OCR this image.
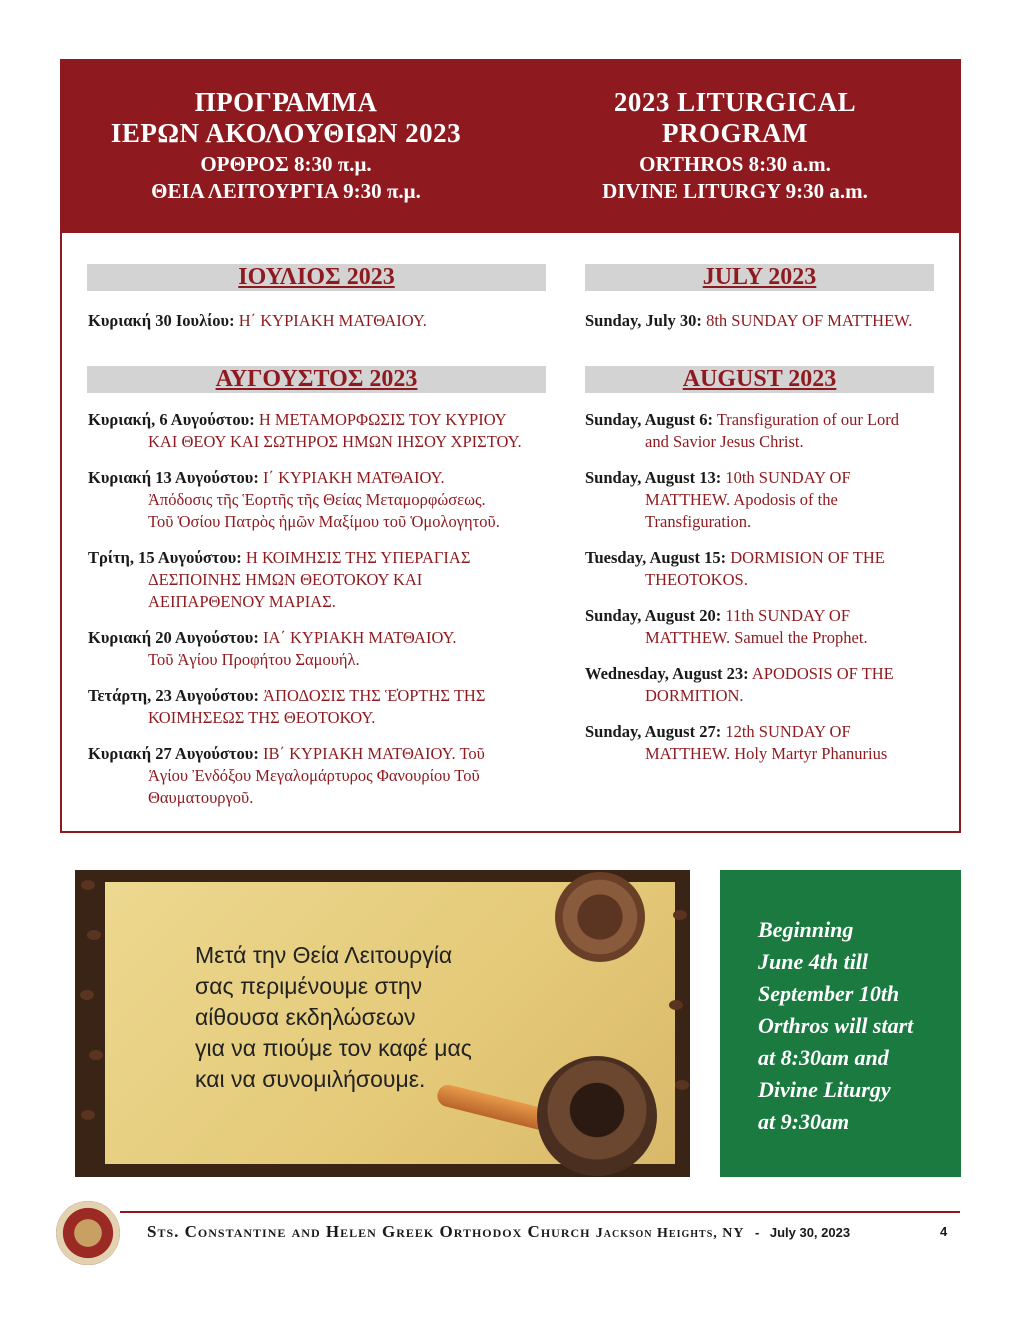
ΠΡΟΓΡΑΜΜΑ
ΙΕΡΩΝ ΑΚΟΛΟΥΘΙΩΝ 2023
ΟΡΘΡΟΣ 8:30 π.μ.
ΘΕΙΑ ΛΕΙΤΟΥΡΓΙΑ 9:30 π.μ.
2023 LITURGICAL
PROGRAM
ORTHROS 8:30 a.m.
DIVINE LITURGY 9:30 a.m.
ΙΟΥΛΙΟΣ 2023
Κυριακή 30 Ιουλίου: Η΄ ΚΥΡΙΑΚΗ ΜΑΤΘΑΙΟΥ.
ΑΥΓΟΥΣΤΟΣ 2023
Κυριακή, 6 Αυγούστου: Η ΜΕΤΑΜΟΡΦΩΣΙΣ ΤΟΥ ΚΥΡΙΟΥ
ΚΑΙ ΘΕΟΥ ΚΑΙ ΣΩΤΗΡΟΣ ΗΜΩΝ ΙΗΣΟΥ ΧΡΙΣΤΟΥ.
Κυριακή 13 Αυγούστου: Ι΄ ΚΥΡΙΑΚΗ ΜΑΤΘΑΙΟΥ.
Ἀπόδοσις τῆς Ἑορτῆς τῆς Θείας Μεταμορφώσεως.
Τοῦ Ὁσίου Πατρὸς ἡμῶν Μαξίμου τοῦ Ὁμολογητοῦ.
Τρίτη, 15 Αυγούστου: Η ΚΟΙΜΗΣΙΣ ΤΗΣ ΥΠΕΡΑΓΙΑΣ
ΔΕΣΠΟΙΝΗΣ ΗΜΩΝ ΘΕΟΤΟΚΟΥ ΚΑΙ
ΑΕΙΠΑΡΘΕΝΟΥ ΜΑΡΙΑΣ.
Κυριακή 20 Αυγούστου: ΙΑ΄ ΚΥΡΙΑΚΗ ΜΑΤΘΑΙΟΥ.
Τοῦ Ἁγίου Προφήτου Σαμουήλ.
Τετάρτη, 23 Αυγούστου: ἈΠΟΔΟΣΙΣ ΤΗΣ Ἑ̓ΟΡΤΗΣ ΤΗΣ
ΚΟΙΜΗΣΕΩΣ ΤΗΣ ΘΕΟΤΟΚΟΥ.
Κυριακή 27 Αυγούστου: ΙΒ΄ ΚΥΡΙΑΚΗ ΜΑΤΘΑΙΟΥ. Τοῦ
Ἁγίου Ἐνδόξου Μεγαλομάρτυρος Φανουρίου Τοῦ
Θαυματουργοῦ.
JULY 2023
Sunday, July 30: 8th SUNDAY OF MATTHEW.
AUGUST 2023
Sunday, August 6: Transfiguration of our Lord
and Savior Jesus Christ.
Sunday, August 13: 10th SUNDAY OF
MATTHEW. Apodosis of the
Transfiguration.
Tuesday, August 15: DORMISION OF THE
THEOTOKOS.
Sunday, August 20: 11th SUNDAY OF
MATTHEW. Samuel the Prophet.
Wednesday, August 23: APODOSIS OF THE
DORMITION.
Sunday, August 27: 12th SUNDAY OF
MATTHEW. Holy Martyr Phanurius
Μετά την Θεία Λειτουργία
σας περιμένουμε στην
αίθουσα εκδηλώσεων
για να πιούμε τον καφέ μας
και να συνομιλήσουμε.
Beginning
June 4th till
September 10th
Orthros will start
at 8:30am and
Divine Liturgy
at 9:30am
Sts. Constantine and Helen Greek Orthodox Church Jackson Heights, NY - July 30, 2023	4
